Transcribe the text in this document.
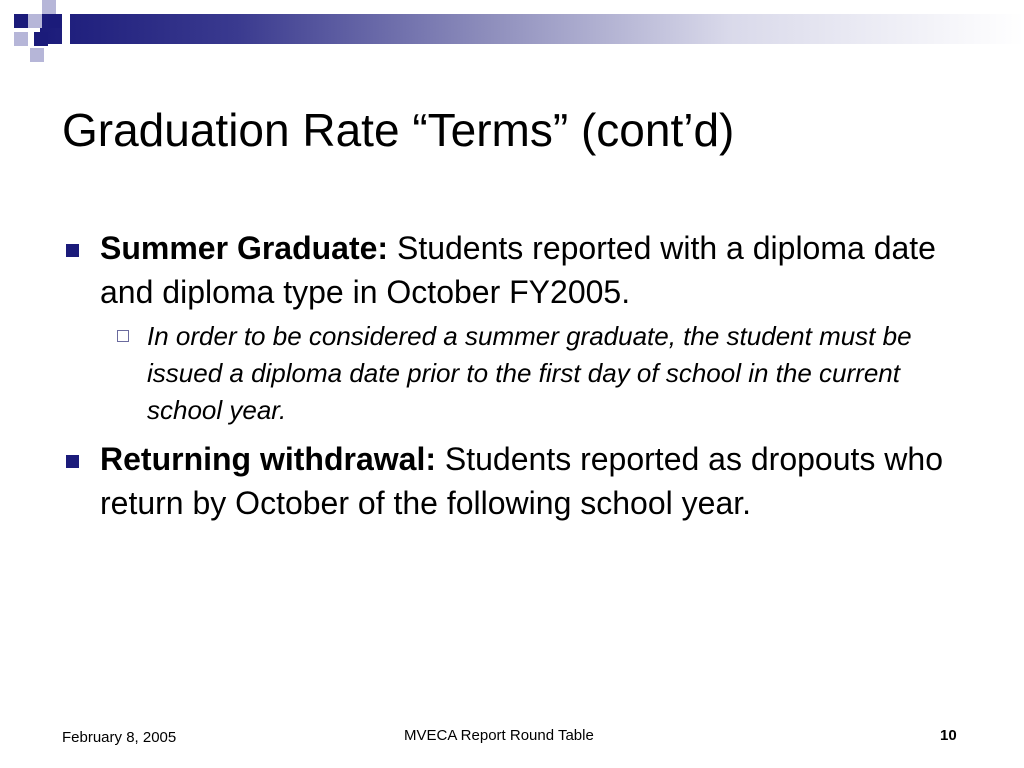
Graduation Rate “Terms” (cont’d)
Summer Graduate: Students reported with a diploma date and diploma type in October FY2005.
In order to be considered a summer graduate, the student must be issued a diploma date prior to the first day of school in the current school year.
Returning withdrawal: Students reported as dropouts who return by October of the following school year.
February 8, 2005	MVECA Report Round Table	10
